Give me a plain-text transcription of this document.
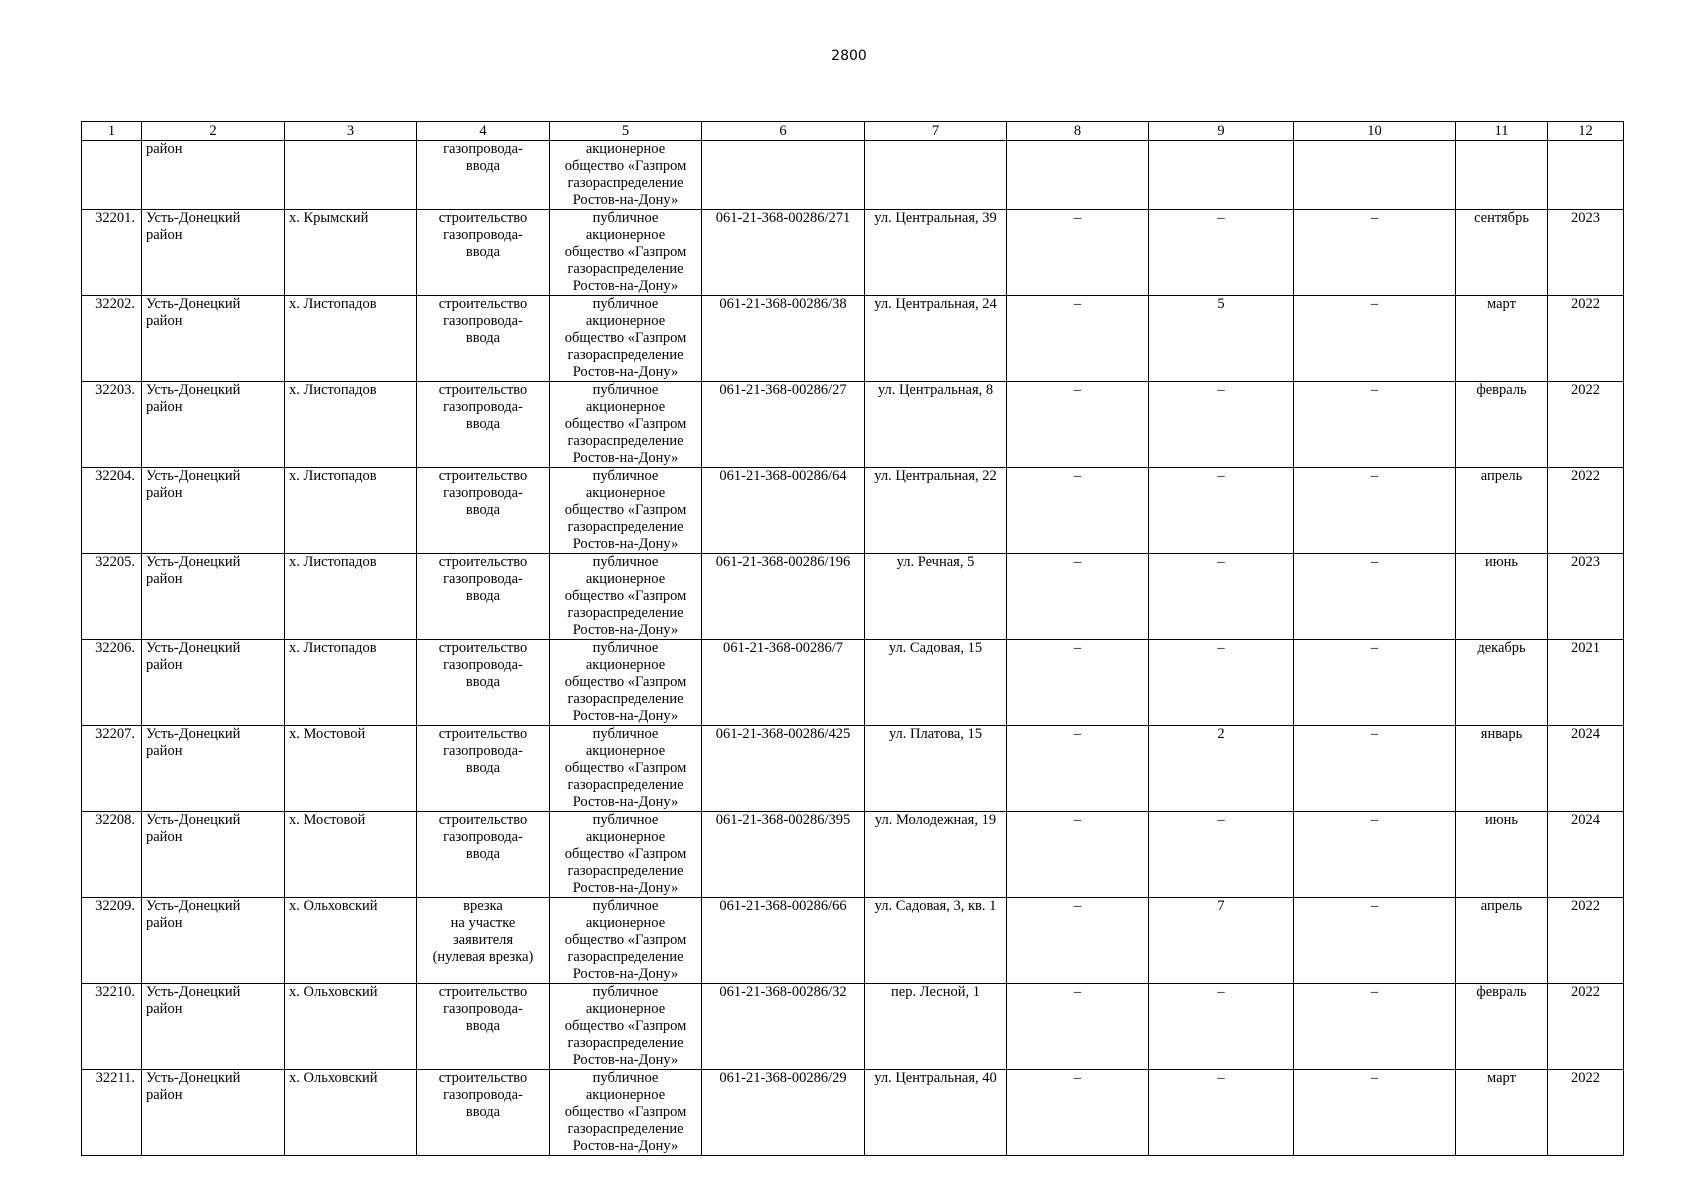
2800
1	2	3	4	5	6	7	8	9	10	11	12
	район		газопровода-
ввода	акционерное
общество «Газпром
газораспределение
Ростов-на-Дону»							
32201.	Усть-Донецкий
район	х. Крымский	строительство
газопровода-
ввода	публичное
акционерное
общество «Газпром
газораспределение
Ростов-на-Дону»	061-21-368-00286/271	ул. Центральная, 39	–	–	–	сентябрь	2023
32202.	Усть-Донецкий
район	х. Листопадов	строительство
газопровода-
ввода	публичное
акционерное
общество «Газпром
газораспределение
Ростов-на-Дону»	061-21-368-00286/38	ул. Центральная, 24	–	5	–	март	2022
32203.	Усть-Донецкий
район	х. Листопадов	строительство
газопровода-
ввода	публичное
акционерное
общество «Газпром
газораспределение
Ростов-на-Дону»	061-21-368-00286/27	ул. Центральная, 8	–	–	–	февраль	2022
32204.	Усть-Донецкий
район	х. Листопадов	строительство
газопровода-
ввода	публичное
акционерное
общество «Газпром
газораспределение
Ростов-на-Дону»	061-21-368-00286/64	ул. Центральная, 22	–	–	–	апрель	2022
32205.	Усть-Донецкий
район	х. Листопадов	строительство
газопровода-
ввода	публичное
акционерное
общество «Газпром
газораспределение
Ростов-на-Дону»	061-21-368-00286/196	ул. Речная, 5	–	–	–	июнь	2023
32206.	Усть-Донецкий
район	х. Листопадов	строительство
газопровода-
ввода	публичное
акционерное
общество «Газпром
газораспределение
Ростов-на-Дону»	061-21-368-00286/7	ул. Садовая, 15	–	–	–	декабрь	2021
32207.	Усть-Донецкий
район	х. Мостовой	строительство
газопровода-
ввода	публичное
акционерное
общество «Газпром
газораспределение
Ростов-на-Дону»	061-21-368-00286/425	ул. Платова, 15	–	2	–	январь	2024
32208.	Усть-Донецкий
район	х. Мостовой	строительство
газопровода-
ввода	публичное
акционерное
общество «Газпром
газораспределение
Ростов-на-Дону»	061-21-368-00286/395	ул. Молодежная, 19	–	–	–	июнь	2024
32209.	Усть-Донецкий
район	х. Ольховский	врезка
на участке
заявителя
(нулевая врезка)	публичное
акционерное
общество «Газпром
газораспределение
Ростов-на-Дону»	061-21-368-00286/66	ул. Садовая, 3, кв. 1	–	7	–	апрель	2022
32210.	Усть-Донецкий
район	х. Ольховский	строительство
газопровода-
ввода	публичное
акционерное
общество «Газпром
газораспределение
Ростов-на-Дону»	061-21-368-00286/32	пер. Лесной, 1	–	–	–	февраль	2022
32211.	Усть-Донецкий
район	х. Ольховский	строительство
газопровода-
ввода	публичное
акционерное
общество «Газпром
газораспределение
Ростов-на-Дону»	061-21-368-00286/29	ул. Центральная, 40	–	–	–	март	2022
